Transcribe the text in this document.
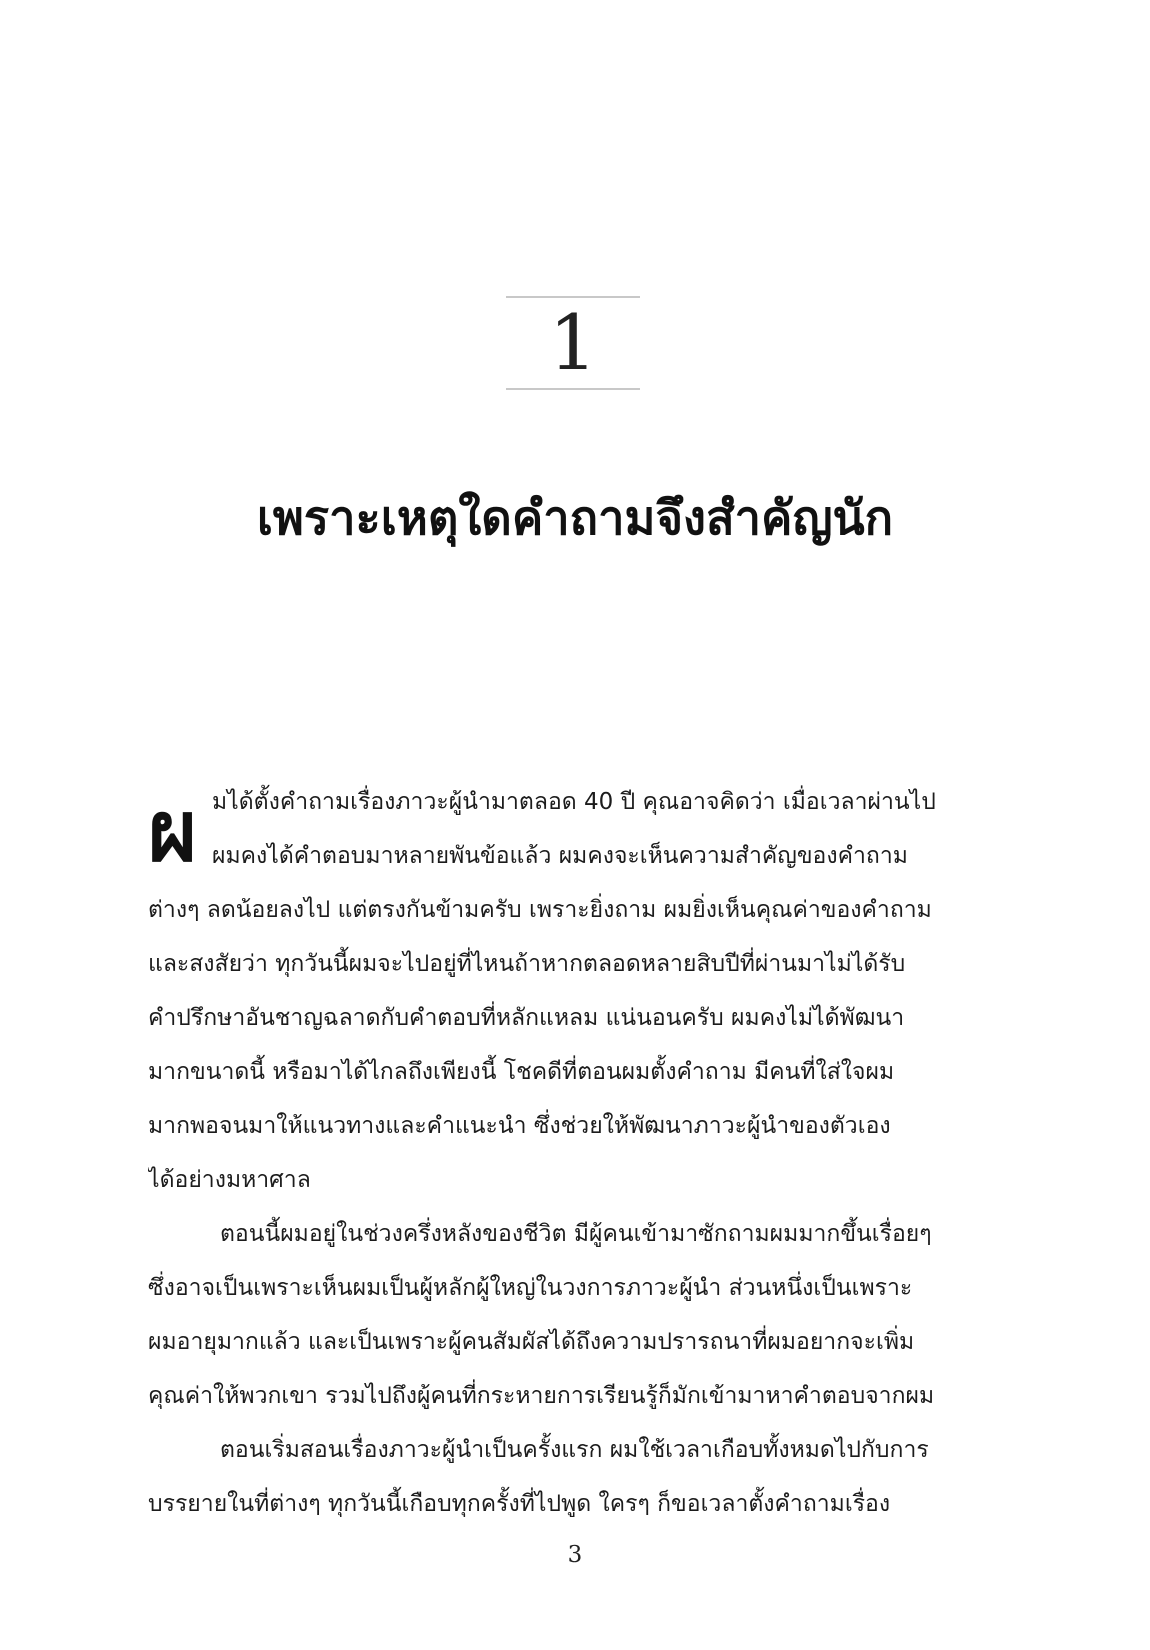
1
เพราะเหตุใดคำถามจึงสำคัญนัก
ผ มได้ตั้งคำถามเรื่องภาวะผู้นำมาตลอด 40 ปี คุณอาจคิดว่า เมื่อเวลาผ่านไป
ผมคงได้คำตอบมาหลายพันข้อแล้ว ผมคงจะเห็นความสำคัญของคำถาม
ต่างๆ ลดน้อยลงไป แต่ตรงกันข้ามครับ เพราะยิ่งถาม ผมยิ่งเห็นคุณค่าของคำถาม
และสงสัยว่า ทุกวันนี้ผมจะไปอยู่ที่ไหนถ้าหากตลอดหลายสิบปีที่ผ่านมาไม่ได้รับ
คำปรึกษาอันชาญฉลาดกับคำตอบที่หลักแหลม แน่นอนครับ ผมคงไม่ได้พัฒนา
มากขนาดนี้ หรือมาได้ไกลถึงเพียงนี้ โชคดีที่ตอนผมตั้งคำถาม มีคนที่ใส่ใจผม
มากพอจนมาให้แนวทางและคำแนะนำ ซึ่งช่วยให้พัฒนาภาวะผู้นำของตัวเอง
ได้อย่างมหาศาล
ตอนนี้ผมอยู่ในช่วงครึ่งหลังของชีวิต มีผู้คนเข้ามาซักถามผมมากขึ้นเรื่อยๆ
ซึ่งอาจเป็นเพราะเห็นผมเป็นผู้หลักผู้ใหญ่ในวงการภาวะผู้นำ ส่วนหนึ่งเป็นเพราะ
ผมอายุมากแล้ว และเป็นเพราะผู้คนสัมผัสได้ถึงความปรารถนาที่ผมอยากจะเพิ่ม
คุณค่าให้พวกเขา รวมไปถึงผู้คนที่กระหายการเรียนรู้ก็มักเข้ามาหาคำตอบจากผม
ตอนเริ่มสอนเรื่องภาวะผู้นำเป็นครั้งแรก ผมใช้เวลาเกือบทั้งหมดไปกับการ
บรรยายในที่ต่างๆ ทุกวันนี้เกือบทุกครั้งที่ไปพูด ใครๆ ก็ขอเวลาตั้งคำถามเรื่อง
3
